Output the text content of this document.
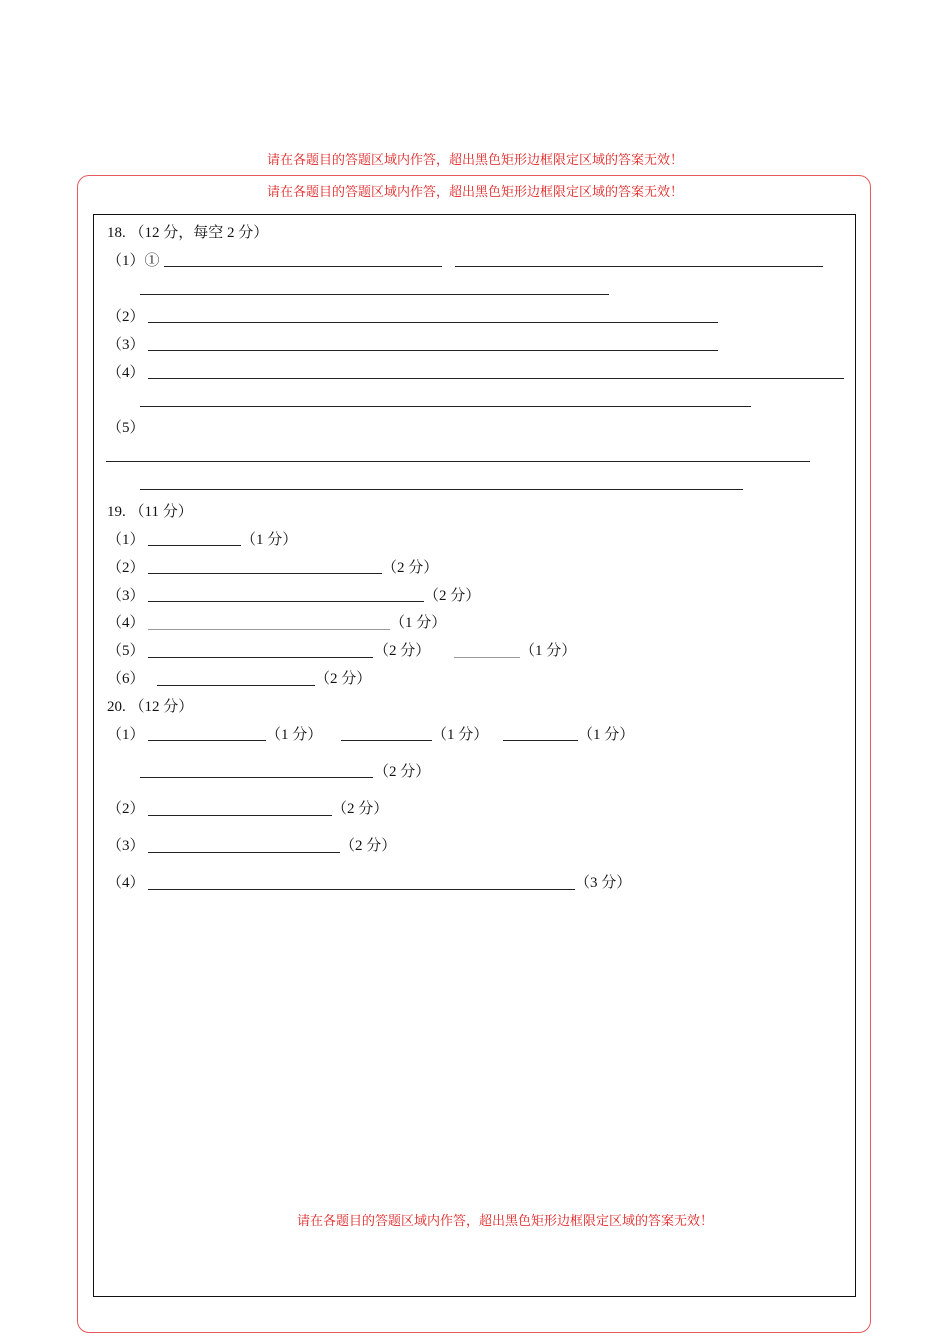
请在各题目的答题区域内作答，超出黑色矩形边框限定区域的答案无效！
请在各题目的答题区域内作答，超出黑色矩形边框限定区域的答案无效！
18. （12 分，每空 2 分）
（1）①
（2）
（3）
（4）
（5）
19. （11 分）
（1）	（1 分）
（2）	（2 分）
（3）	（2 分）
（4）	（1 分）
（5）	（2 分）	（1 分）
（6）	（2 分）
20. （12 分）
（1）	（1 分）	（1 分）	（1 分）
（2 分）
（2）	（2 分）
（3）	（2 分）
（4）	（3 分）
请在各题目的答题区域内作答，超出黑色矩形边框限定区域的答案无效！
